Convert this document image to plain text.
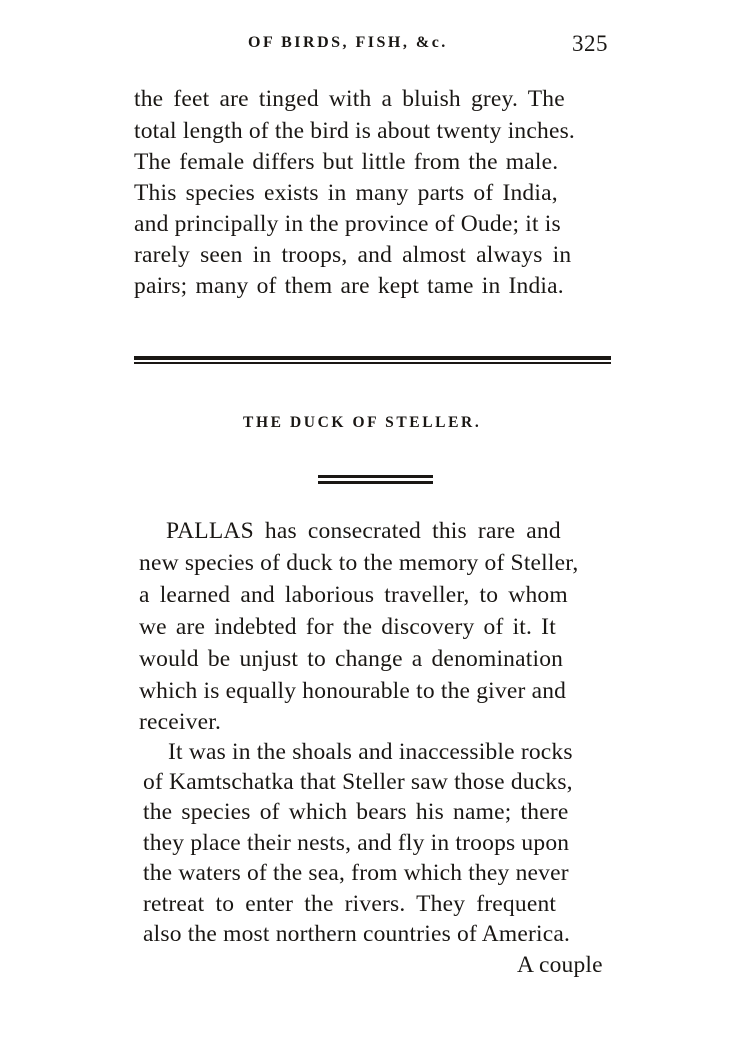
OF BIRDS, FISH, &c.	325
the feet are tinged with a bluish grey. The
total length of the bird is about twenty inches.
The female differs but little from the male.
This species exists in many parts of India,
and principally in the province of Oude; it is
rarely seen in troops, and almost always in
pairs; many of them are kept tame in India.
THE DUCK OF STELLER.
PALLAS has consecrated this rare and
new species of duck to the memory of Steller,
a learned and laborious traveller, to whom
we are indebted for the discovery of it. It
would be unjust to change a denomination
which is equally honourable to the giver and
receiver.
It was in the shoals and inaccessible rocks
of Kamtschatka that Steller saw those ducks,
the species of which bears his name; there
they place their nests, and fly in troops upon
the waters of the sea, from which they never
retreat to enter the rivers. They frequent
also the most northern countries of America.
A couple
